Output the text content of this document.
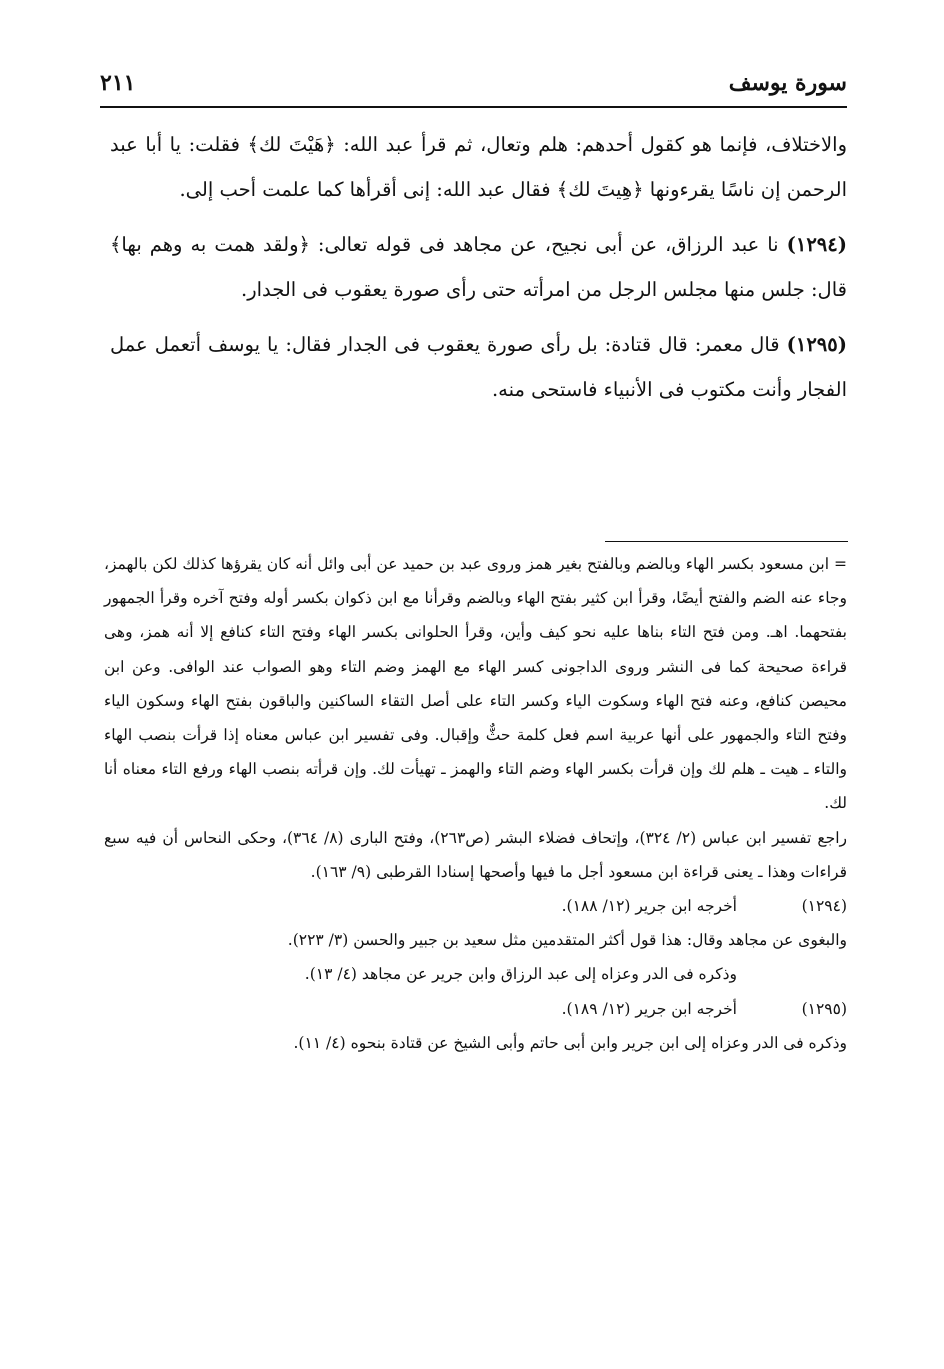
سورة يوسف
٢١١

والاختلاف، فإنما هو كقول أحدهم: هلم وتعال، ثم قرأ عبد الله: ﴿هَيْتَ لك﴾ فقلت: يا أبا عبد الرحمن إن ناسًا يقرءونها ﴿هِيتَ لك﴾ فقال عبد الله: إنى أقرأها كما علمت أحب إلى.

(١٢٩٤) نا عبد الرزاق، عن أبى نجيح، عن مجاهد فى قوله تعالى: ﴿ولقد همت به وهم بها﴾ قال: جلس منها مجلس الرجل من امرأته حتى رأى صورة يعقوب فى الجدار.

(١٢٩٥) قال معمر: قال قتادة: بل رأى صورة يعقوب فى الجدار فقال: يا يوسف أتعمل عمل الفجار وأنت مكتوب فى الأنبياء فاستحى منه.

= ابن مسعود بكسر الهاء وبالضم وبالفتح بغير همز وروى عبد بن حميد عن أبى وائل أنه كان يقرؤها كذلك لكن بالهمز، وجاء عنه الضم والفتح أيضًا، وقرأ ابن كثير بفتح الهاء وبالضم وقرأنا مع ابن ذكوان بكسر أوله وفتح آخره وقرأ الجمهور بفتحهما. اهـ. ومن فتح التاء بناها عليه نحو كيف وأين، وقرأ الحلوانى بكسر الهاء وفتح التاء كنافع إلا أنه همز، وهى قراءة صحيحة كما فى النشر وروى الداجونى كسر الهاء مع الهمز وضم التاء وهو الصواب عند الوافى. وعن ابن محيصن كنافع، وعنه فتح الهاء وسكوت الياء وكسر التاء على أصل التقاء الساكنين والباقون بفتح الهاء وسكون الياء وفتح التاء والجمهور على أنها عربية اسم فعل كلمة حثٌّ وإقبال. وفى تفسير ابن عباس معناه إذا قرأت بنصب الهاء والتاء ـ هيت ـ هلم لك وإن قرأت بكسر الهاء وضم التاء والهمز ـ تهيأت لك. وإن قرأته بنصب الهاء ورفع التاء معناه أنا لك.

راجع تفسير ابن عباس (٢/ ٣٢٤)، وإتحاف فضلاء البشر (ص٢٦٣)، وفتح البارى (٨/ ٣٦٤)، وحكى النحاس أن فيه سبع قراءات وهذا ـ يعنى قراءة ابن مسعود أجل ما فيها وأصحها إسنادا القرطبى (٩/ ١٦٣).

(١٢٩٤)
أخرجه ابن جرير (١٢/ ١٨٨).

والبغوى عن مجاهد وقال: هذا قول أكثر المتقدمين مثل سعيد بن جبير والحسن (٣/ ٢٢٣).

وذكره فى الدر وعزاه إلى عبد الرزاق وابن جرير عن مجاهد (٤/ ١٣).
(١٢٩٥)
أخرجه ابن جرير (١٢/ ١٨٩).

وذكره فى الدر وعزاه إلى ابن جرير وابن أبى حاتم وأبى الشيخ عن قتادة بنحوه (٤/ ١١).
